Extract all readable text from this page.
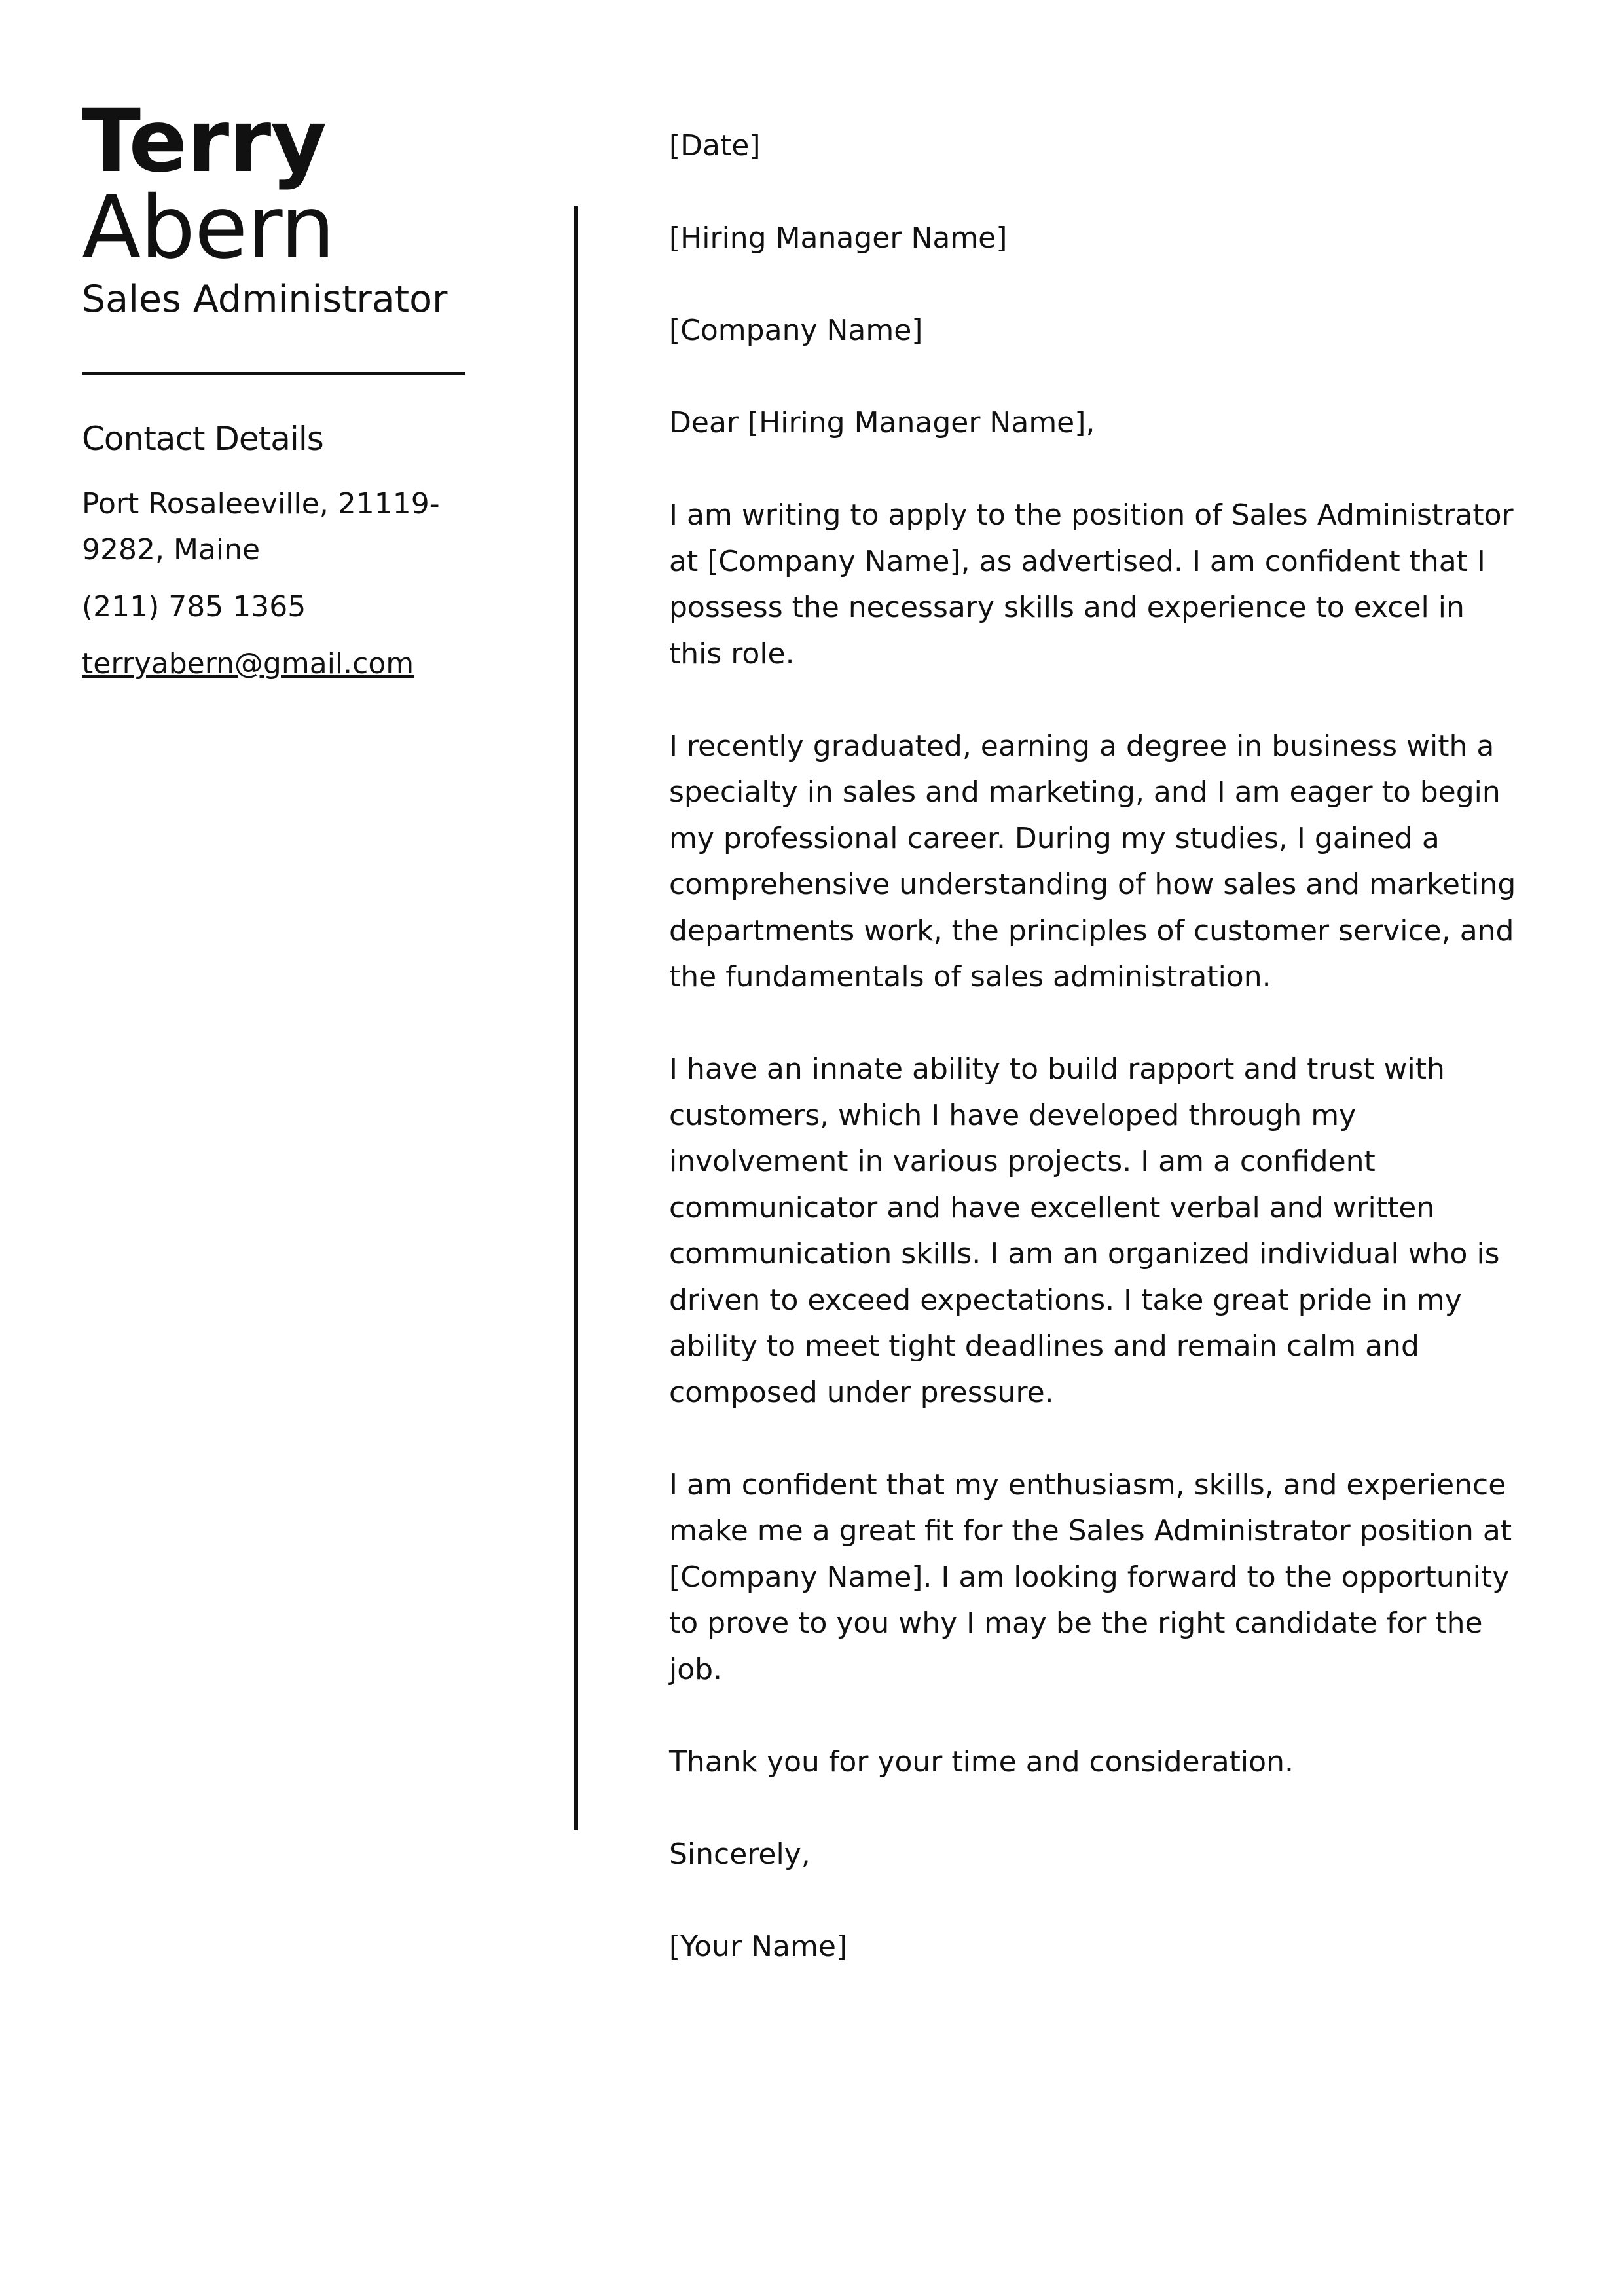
Terry
Abern
Sales Administrator
Contact Details
Port Rosaleeville, 21119-9282, Maine
(211) 785 1365
terryabern@gmail.com

[Date]

[Hiring Manager Name]

[Company Name]

Dear [Hiring Manager Name],

I am writing to apply to the position of Sales Administrator at [Company Name], as advertised. I am confident that I possess the necessary skills and experience to excel in this role.

I recently graduated, earning a degree in business with a specialty in sales and marketing, and I am eager to begin my professional career. During my studies, I gained a comprehensive understanding of how sales and marketing departments work, the principles of customer service, and the fundamentals of sales administration.

I have an innate ability to build rapport and trust with customers, which I have developed through my involvement in various projects. I am a confident communicator and have excellent verbal and written communication skills. I am an organized individual who is driven to exceed expectations. I take great pride in my ability to meet tight deadlines and remain calm and composed under pressure.

I am confident that my enthusiasm, skills, and experience make me a great fit for the Sales Administrator position at [Company Name]. I am looking forward to the opportunity to prove to you why I may be the right candidate for the job.

Thank you for your time and consideration.

Sincerely,

[Your Name]
